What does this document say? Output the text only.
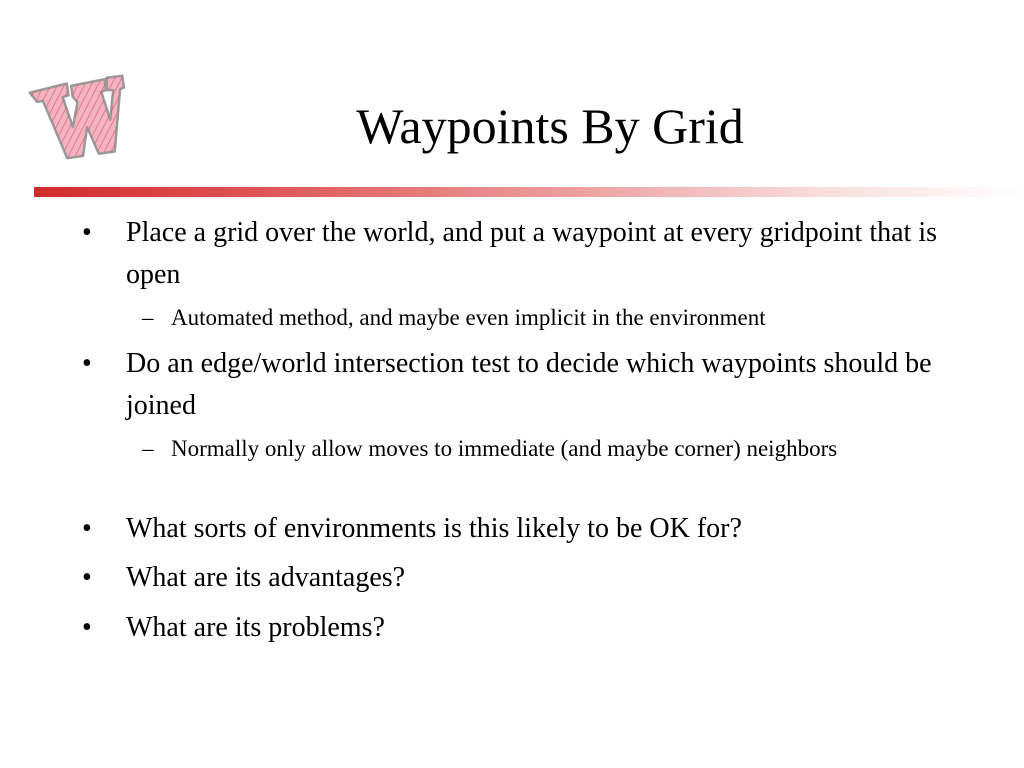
Waypoints By Grid
•	Place a grid over the world, and put a waypoint at every gridpoint that is open
– Automated method, and maybe even implicit in the environment
•	Do an edge/world intersection test to decide which waypoints should be joined
– Normally only allow moves to immediate (and maybe corner) neighbors
•	What sorts of environments is this likely to be OK for?
•	What are its advantages?
•	What are its problems?
